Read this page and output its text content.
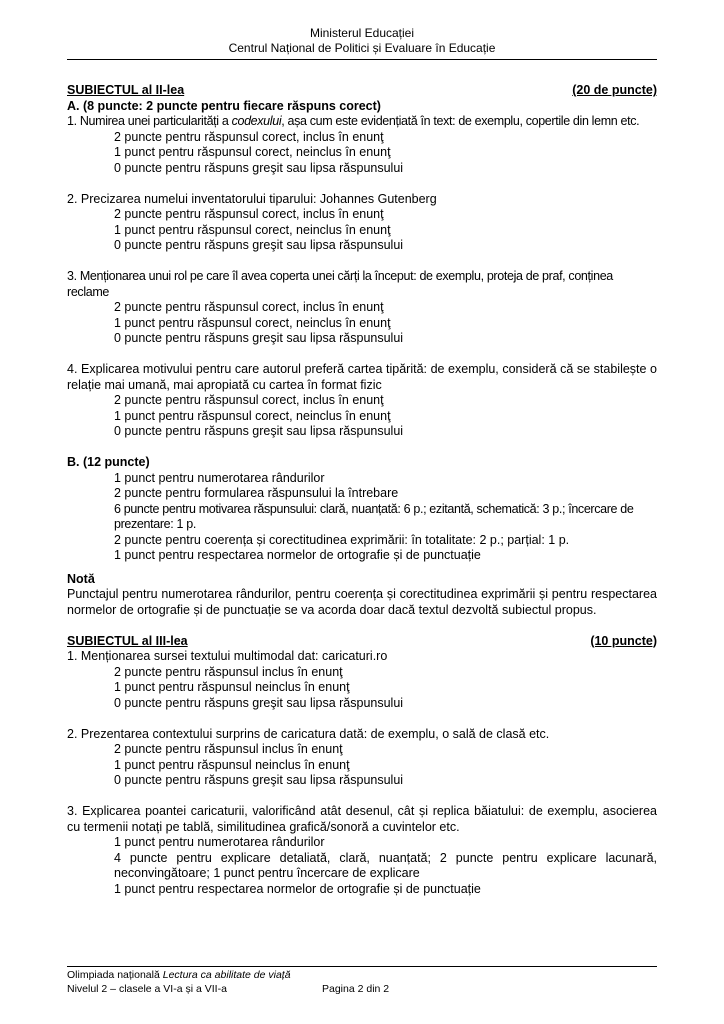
Ministerul Educației
Centrul Național de Politici și Evaluare în Educație
SUBIECTUL al II-lea	(20 de puncte)
A. (8 puncte: 2 puncte pentru fiecare răspuns corect)
1. Numirea unei particularități a codexului, așa cum este evidențiată în text: de exemplu, copertile din lemn etc.
2 puncte pentru răspunsul corect, inclus în enunţ
1 punct pentru răspunsul corect, neinclus în enunţ
0 puncte pentru răspuns greşit sau lipsa răspunsului
2. Precizarea numelui inventatorului tiparului: Johannes Gutenberg
2 puncte pentru răspunsul corect, inclus în enunţ
1 punct pentru răspunsul corect, neinclus în enunţ
0 puncte pentru răspuns greşit sau lipsa răspunsului
3. Menționarea unui rol pe care îl avea coperta unei cărți la început: de exemplu, proteja de praf, conținea reclame
2 puncte pentru răspunsul corect, inclus în enunţ
1 punct pentru răspunsul corect, neinclus în enunţ
0 puncte pentru răspuns greşit sau lipsa răspunsului
4. Explicarea motivului pentru care autorul preferă cartea tipărită: de exemplu, consideră că se stabilește o relație mai umană, mai apropiată cu cartea în format fizic
2 puncte pentru răspunsul corect, inclus în enunţ
1 punct pentru răspunsul corect, neinclus în enunţ
0 puncte pentru răspuns greşit sau lipsa răspunsului
B. (12 puncte)
1 punct pentru numerotarea rândurilor
2 puncte pentru formularea răspunsului la întrebare
6 puncte pentru motivarea răspunsului: clară, nuanțată: 6 p.; ezitantă, schematică: 3 p.; încercare de prezentare: 1 p.
2 puncte pentru coerența și corectitudinea exprimării: în totalitate: 2 p.; parțial: 1 p.
1 punct pentru respectarea normelor de ortografie și de punctuație
Notă
Punctajul pentru numerotarea rândurilor, pentru coerența și corectitudinea exprimării și pentru respectarea normelor de ortografie și de punctuație se va acorda doar dacă textul dezvoltă subiectul propus.
SUBIECTUL al III-lea	(10 puncte)
1. Menționarea sursei textului multimodal dat: caricaturi.ro
2 puncte pentru răspunsul inclus în enunţ
1 punct pentru răspunsul neinclus în enunţ
0 puncte pentru răspuns greşit sau lipsa răspunsului
2. Prezentarea contextului surprins de caricatura dată: de exemplu, o sală de clasă etc.
2 puncte pentru răspunsul inclus în enunţ
1 punct pentru răspunsul neinclus în enunţ
0 puncte pentru răspuns greşit sau lipsa răspunsului
3. Explicarea poantei caricaturii, valorificând atât desenul, cât și replica băiatului: de exemplu, asocierea cu termenii notați pe tablă, similitudinea grafică/sonoră a cuvintelor etc.
1 punct pentru numerotarea rândurilor
4 puncte pentru explicare detaliată, clară, nuanțată; 2 puncte pentru explicare lacunară, neconvingătoare; 1 punct pentru încercare de explicare
1 punct pentru respectarea normelor de ortografie și de punctuație
Olimpiada națională Lectura ca abilitate de viață
Nivelul 2 – clasele a VI-a și a VII-a	Pagina 2 din 2
